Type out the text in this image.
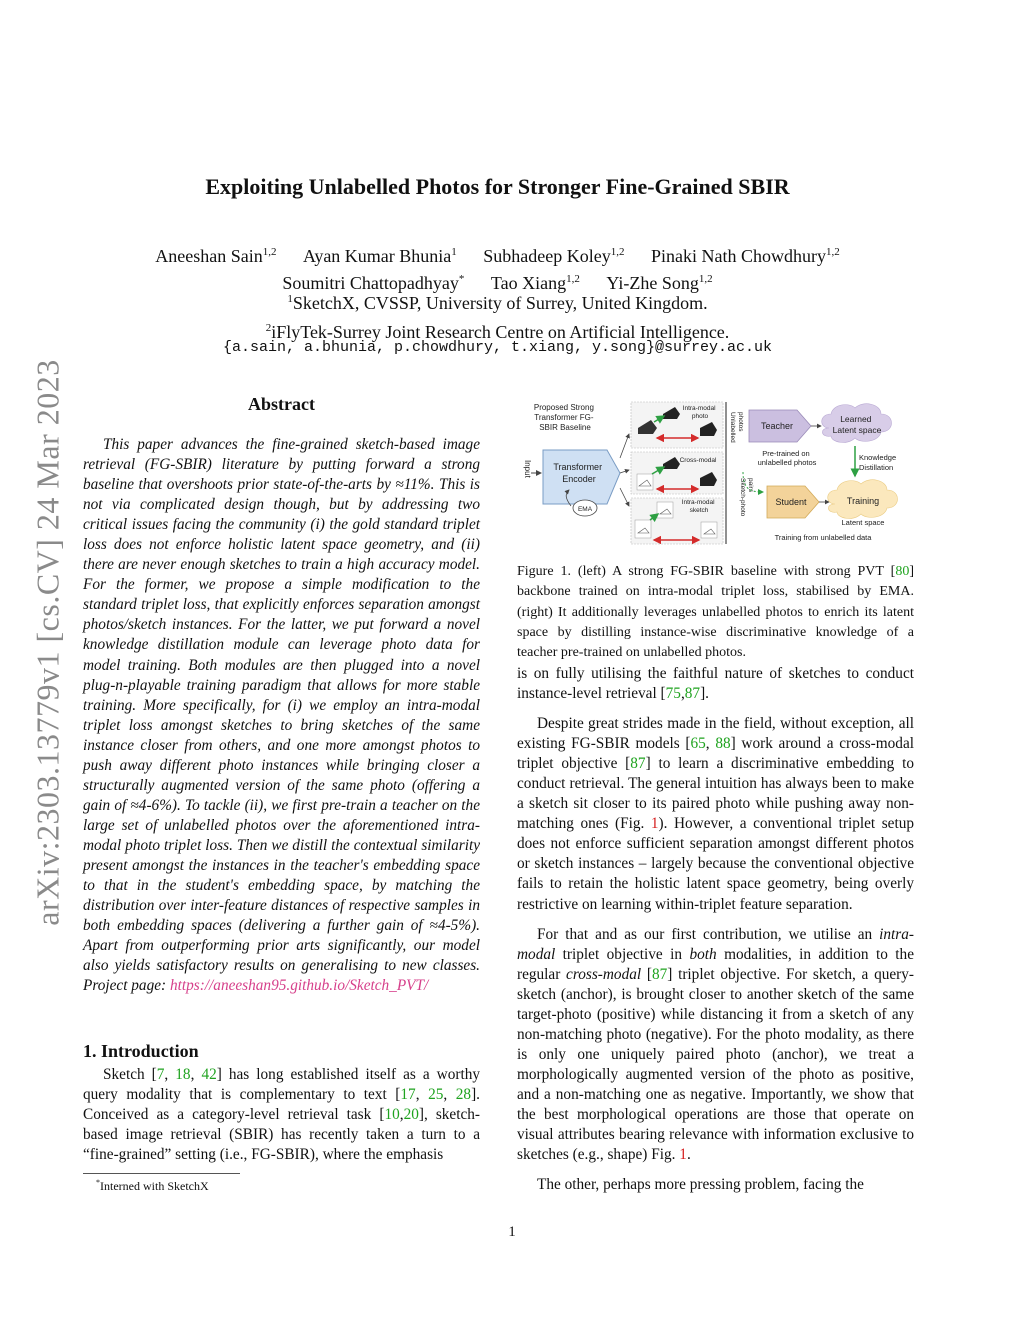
arXiv:2303.13779v1 [cs.CV] 24 Mar 2023
Exploiting Unlabelled Photos for Stronger Fine-Grained SBIR
Aneeshan Sain$^{1,2}$ Ayan Kumar Bhunia$^1$ Subhadeep Koley$^{1,2}$ Pinaki Nath Chowdhury$^{1,2}$
Soumitri Chattopadhyay* Tao Xiang$^{1,2}$ Yi-Zhe Song$^{1,2}$
$^1$SketchX, CVSSP, University of Surrey, United Kingdom.
$^2$iFlyTek-Surrey Joint Research Centre on Artificial Intelligence.
{a.sain, a.bhunia, p.chowdhury, t.xiang, y.song}@surrey.ac.uk
Abstract
This paper advances the fine-grained sketch-based image retrieval (FG-SBIR) literature by putting forward a strong baseline that overshoots prior state-of-the-arts by ≈11%. This is not via complicated design though, but by addressing two critical issues facing the community (i) the gold standard triplet loss does not enforce holistic latent space geometry, and (ii) there are never enough sketches to train a high accuracy model. For the former, we propose a simple modification to the standard triplet loss, that explicitly enforces separation amongst photos/sketch instances. For the latter, we put forward a novel knowledge distillation module can leverage photo data for model training. Both modules are then plugged into a novel plug-n-playable training paradigm that allows for more stable training. More specifically, for (i) we employ an intra-modal triplet loss amongst sketches to bring sketches of the same instance closer from others, and one more amongst photos to push away different photo instances while bringing closer a structurally augmented version of the same photo (offering a gain of ≈4-6%). To tackle (ii), we first pre-train a teacher on the large set of unlabelled photos over the aforementioned intra-modal photo triplet loss. Then we distill the contextual similarity present amongst the instances in the teacher's embedding space to that in the student's embedding space, by matching the distribution over inter-feature distances of respective samples in both embedding spaces (delivering a further gain of ≈4-5%). Apart from outperforming prior arts significantly, our model also yields satisfactory results on generalising to new classes. Project page: https://aneeshan95.github.io/Sketch_PVT/
1. Introduction
Sketch [7, 18, 42] has long established itself as a worthy query modality that is complementary to text [17, 25, 28]. Conceived as a category-level retrieval task [10,20], sketch-based image retrieval (SBIR) has recently taken a turn to a “fine-grained” setting (i.e., FG-SBIR), where the emphasis
*Interned with SketchX
Proposed Strong Transformer FG- SBIR Baseline
Input Transformer Encoder
EMA
Intra-modal photo
Cross-modal
Intra-modal sketch
Unlabelled photos
Sketch-photo pairs
Teacher
Pre-trained on unlabelled photos
Learned Latent space
Knowledge Distillation
Student	Training
Latent space
Training from unlabelled data
Figure 1. (left) A strong FG-SBIR baseline with strong PVT [80] backbone trained on intra-modal triplet loss, stabilised by EMA. (right) It additionally leverages unlabelled photos to enrich its latent space by distilling instance-wise discriminative knowledge of a teacher pre-trained on unlabelled photos.

is on fully utilising the faithful nature of sketches to conduct instance-level retrieval [75,87].

Despite great strides made in the field, without exception, all existing FG-SBIR models [65, 88] work around a cross-modal triplet objective [87] to learn a discriminative embedding to conduct retrieval. The general intuition has always been to make a sketch sit closer to its paired photo while pushing away non-matching ones (Fig. 1). However, a conventional triplet setup does not enforce sufficient separation amongst different photos or sketch instances – largely because the conventional objective fails to retain the holistic latent space geometry, being overly restrictive on learning within-triplet feature separation.

For that and as our first contribution, we utilise an intra-modal triplet objective in both modalities, in addition to the regular cross-modal [87] triplet objective. For sketch, a query-sketch (anchor), is brought closer to another sketch of the same target-photo (positive) while distancing it from a sketch of any non-matching photo (negative). For the photo modality, as there is only one uniquely paired photo (anchor), we treat a morphologically augmented version of the photo as positive, and a non-matching one as negative. Importantly, we show that the best morphological operations are those that operate on visual attributes bearing relevance with information exclusive to sketches (e.g., shape) Fig. 1.

The other, perhaps more pressing problem, facing the

1
